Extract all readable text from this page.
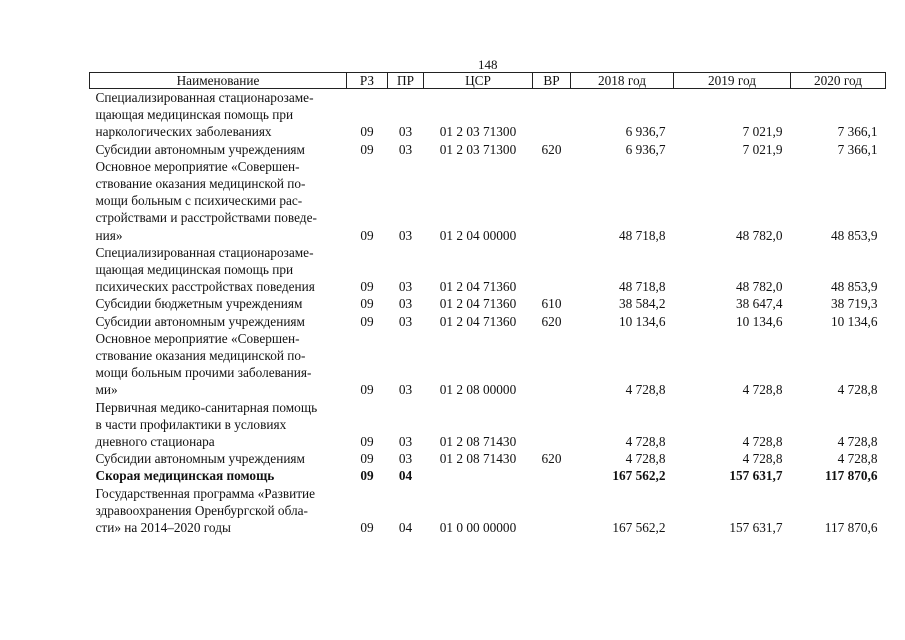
148
Наименование	РЗ	ПР	ЦСР	ВР	2018 год	2019 год	2020 год

Специализированная стационарозаме-
щающая медицинская помощь при
наркологических заболеваниях	09	03	01 2 03 71300		6 936,7	7 021,9	7 366,1

Субсидии автономным учреждениям	09	03	01 2 03 71300	620	6 936,7	7 021,9	7 366,1

Основное мероприятие «Совершен-
ствование оказания медицинской по-
мощи больным с психическими рас-
стройствами и расстройствами поведе-
ния»	09	03	01 2 04 00000		48 718,8	48 782,0	48 853,9

Специализированная стационарозаме-
щающая медицинская помощь при
психических расстройствах поведения	09	03	01 2 04 71360		48 718,8	48 782,0	48 853,9

Субсидии бюджетным учреждениям	09	03	01 2 04 71360	610	38 584,2	38 647,4	38 719,3

Субсидии автономным учреждениям	09	03	01 2 04 71360	620	10 134,6	10 134,6	10 134,6

Основное мероприятие «Совершен-
ствование оказания медицинской по-
мощи больным прочими заболевания-
ми»	09	03	01 2 08 00000		4 728,8	4 728,8	4 728,8

Первичная медико-санитарная помощь
в части профилактики в условиях
дневного стационара	09	03	01 2 08 71430		4 728,8	4 728,8	4 728,8

Субсидии автономным учреждениям	09	03	01 2 08 71430	620	4 728,8	4 728,8	4 728,8

Скорая медицинская помощь	09	04			167 562,2	157 631,7	117 870,6

Государственная программа «Развитие
здравоохранения Оренбургской обла-
сти» на 2014–2020 годы	09	04	01 0 00 00000		167 562,2	157 631,7	117 870,6
